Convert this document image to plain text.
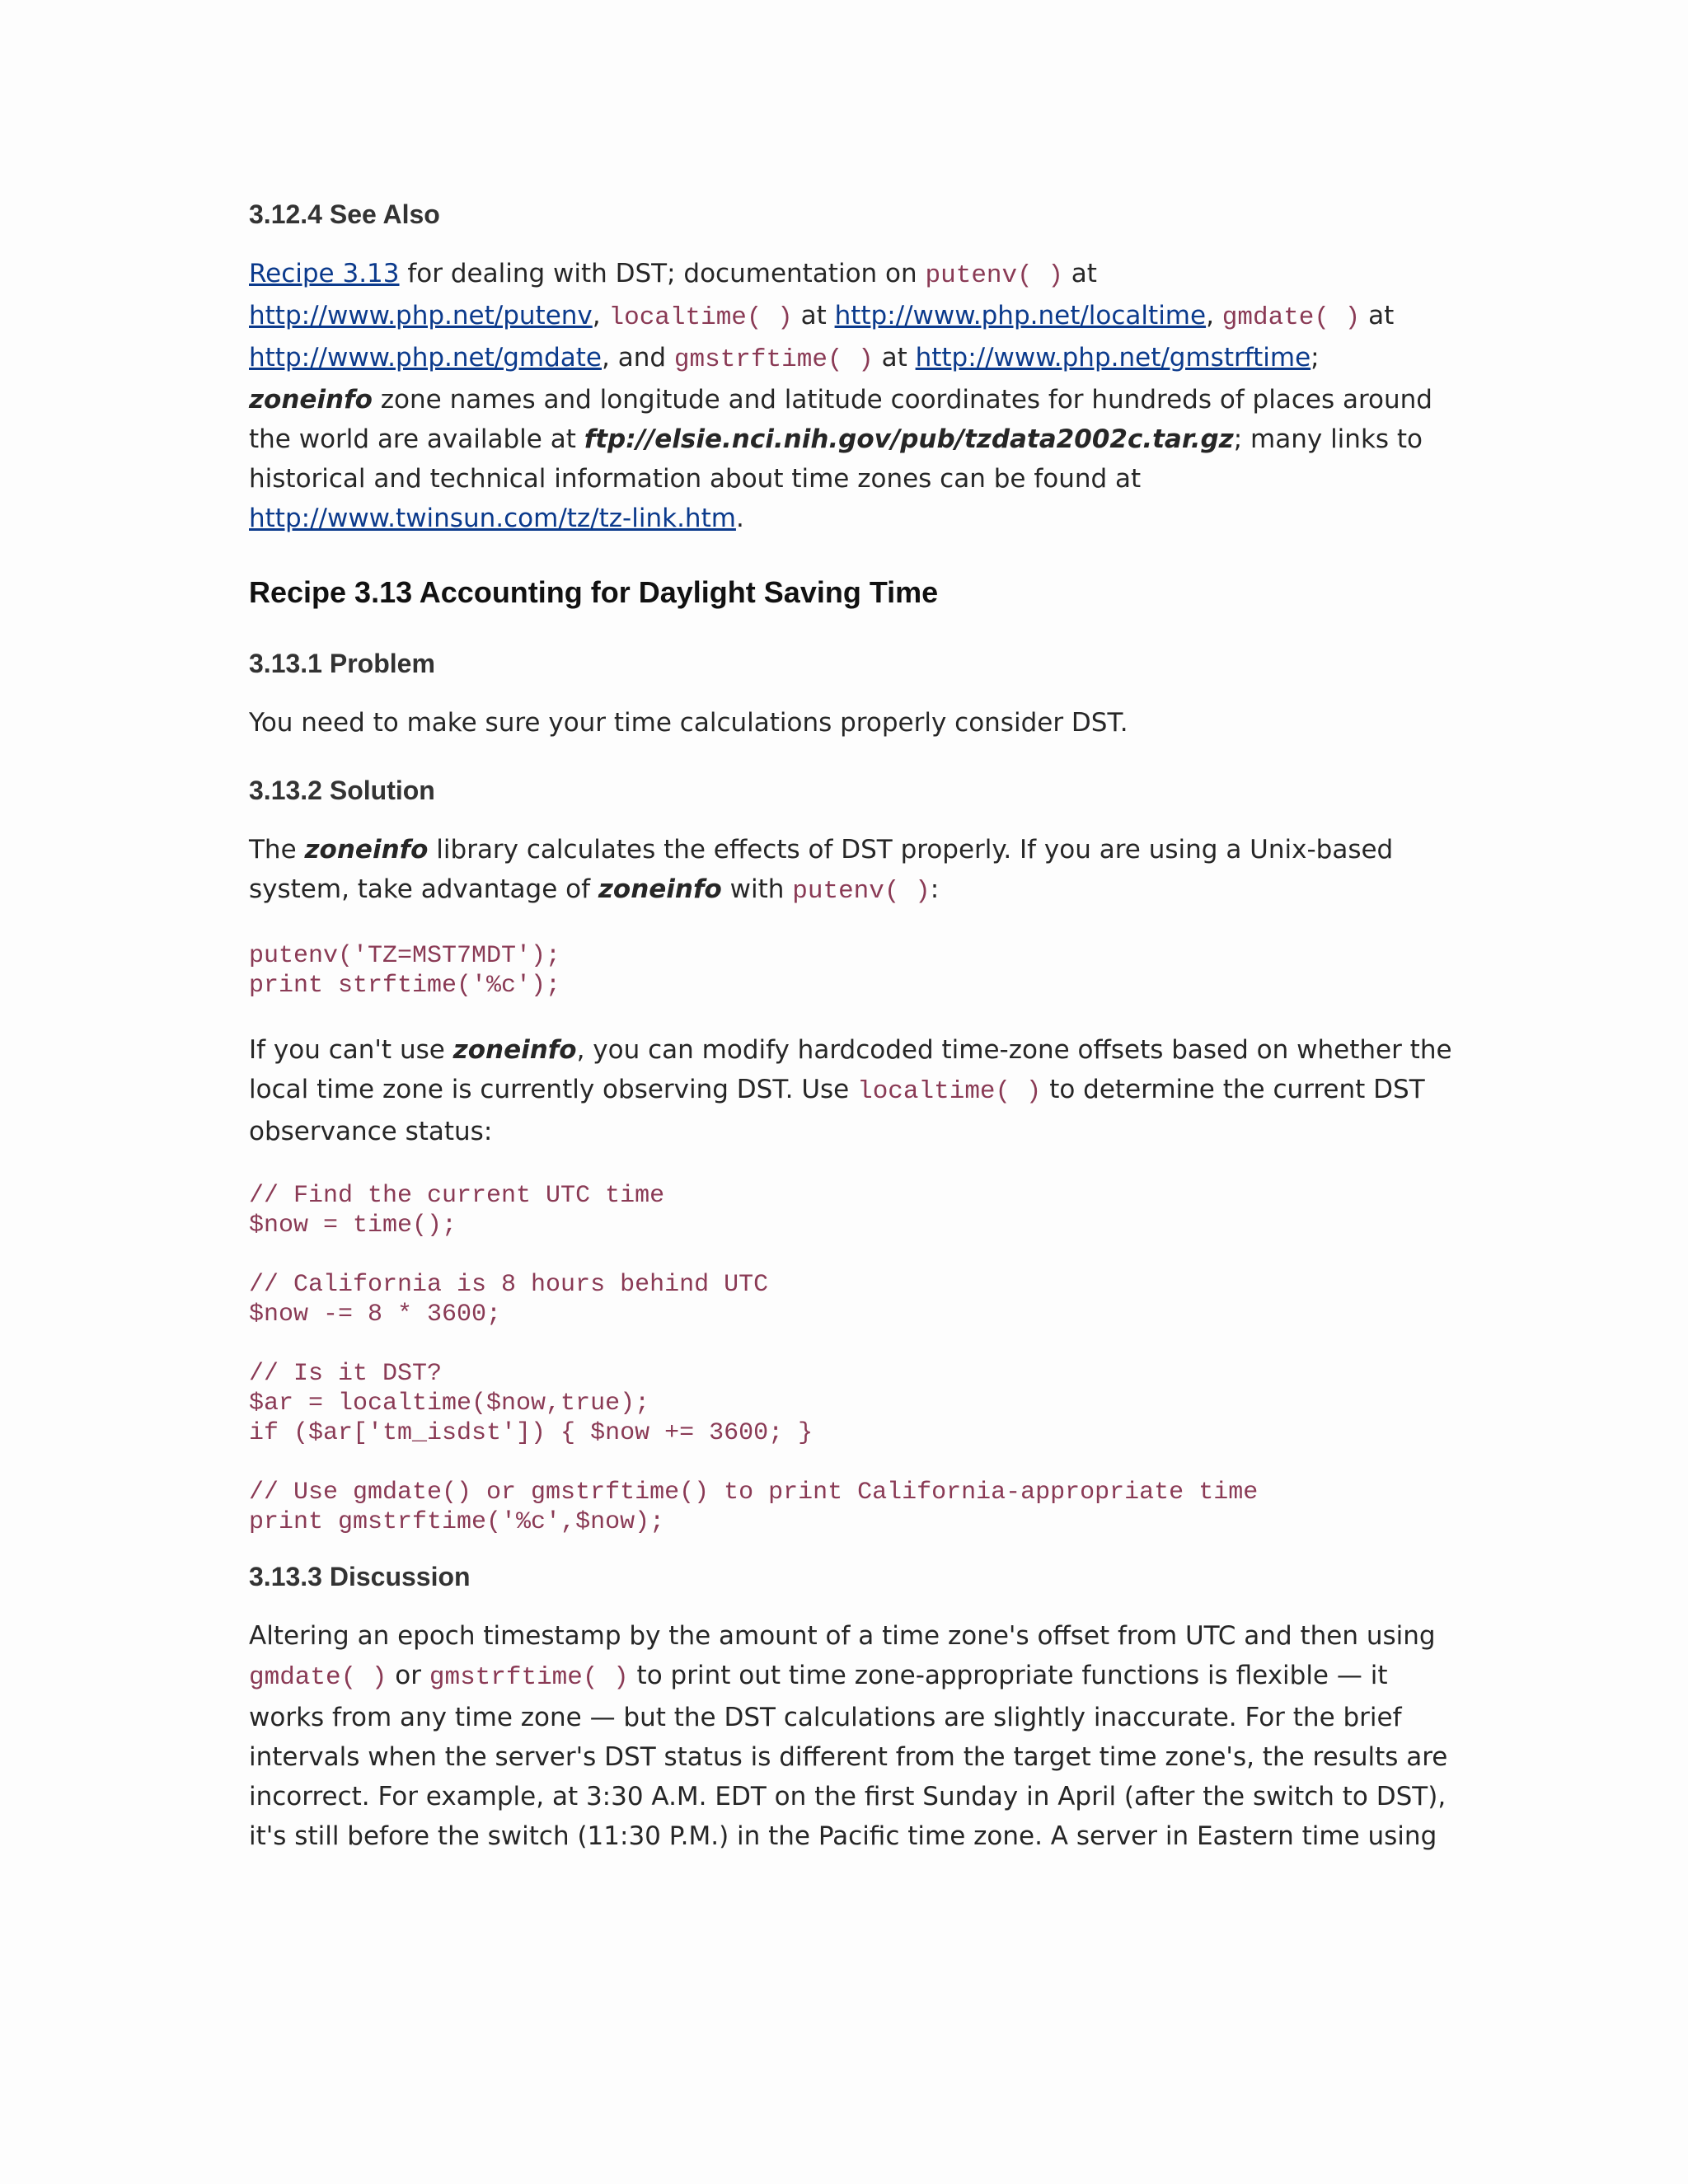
3.12.4 See Also

Recipe 3.13 for dealing with DST; documentation on putenv( ) at
http://www.php.net/putenv, localtime( ) at http://www.php.net/localtime, gmdate( ) at
http://www.php.net/gmdate, and gmstrftime( ) at http://www.php.net/gmstrftime;
zoneinfo zone names and longitude and latitude coordinates for hundreds of places around the world are available at ftp://elsie.nci.nih.gov/pub/tzdata2002c.tar.gz; many links to historical and technical information about time zones can be found at http://www.twinsun.com/tz/tz-link.htm.

Recipe 3.13 Accounting for Daylight Saving Time
3.13.1 Problem

You need to make sure your time calculations properly consider DST.

3.13.2 Solution

The zoneinfo library calculates the effects of DST properly. If you are using a Unix-based system, take advantage of zoneinfo with putenv( ):

putenv('TZ=MST7MDT');
print strftime('%c');

If you can't use zoneinfo, you can modify hardcoded time-zone offsets based on whether the local time zone is currently observing DST. Use localtime( ) to determine the current DST observance status:

// Find the current UTC time
$now = time();

// California is 8 hours behind UTC
$now -= 8 * 3600;

// Is it DST?
$ar = localtime($now,true);
if ($ar['tm_isdst']) { $now += 3600; }

// Use gmdate() or gmstrftime() to print California-appropriate time
print gmstrftime('%c',$now);
3.13.3 Discussion

Altering an epoch timestamp by the amount of a time zone's offset from UTC and then using gmdate( ) or gmstrftime( ) to print out time zone-appropriate functions is flexible — it works from any time zone — but the DST calculations are slightly inaccurate. For the brief intervals when the server's DST status is different from the target time zone's, the results are incorrect. For example, at 3:30 A.M. EDT on the first Sunday in April (after the switch to DST), it's still before the switch (11:30 P.M.) in the Pacific time zone. A server in Eastern time using
